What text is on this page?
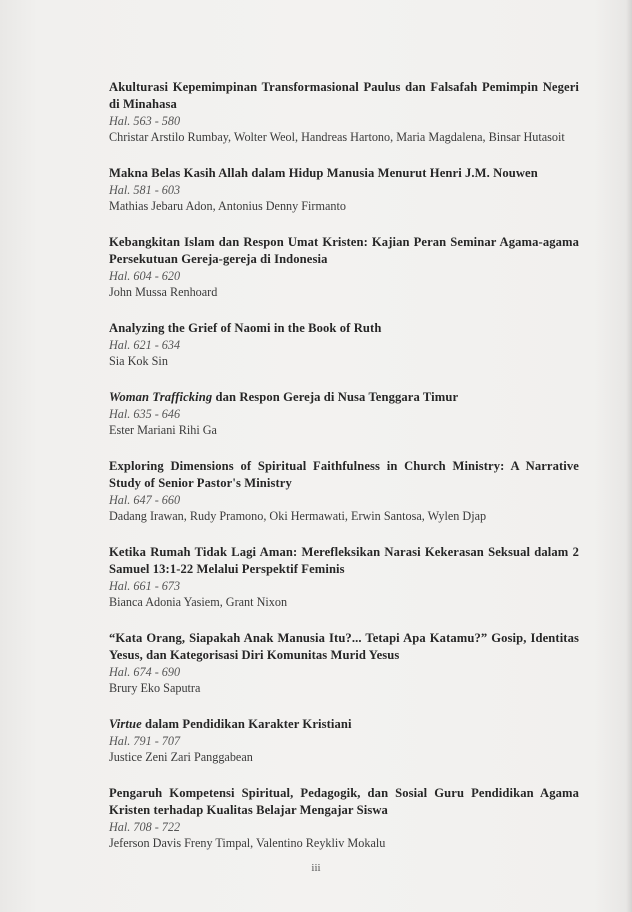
Akulturasi Kepemimpinan Transformasional Paulus dan Falsafah Pemimpin Negeri di Minahasa
Hal. 563 - 580
Christar Arstilo Rumbay, Wolter Weol, Handreas Hartono, Maria Magdalena, Binsar Hutasoit
Makna Belas Kasih Allah dalam Hidup Manusia Menurut Henri J.M. Nouwen
Hal. 581 - 603
Mathias Jebaru Adon, Antonius Denny Firmanto
Kebangkitan Islam dan Respon Umat Kristen: Kajian Peran Seminar Agama-agama Persekutuan Gereja-gereja di Indonesia
Hal. 604 - 620
John Mussa Renhoard
Analyzing the Grief of Naomi in the Book of Ruth
Hal. 621 - 634
Sia Kok Sin
Woman Trafficking dan Respon Gereja di Nusa Tenggara Timur
Hal. 635 - 646
Ester Mariani Rihi Ga
Exploring Dimensions of Spiritual Faithfulness in Church Ministry: A Narrative Study of Senior Pastor's Ministry
Hal. 647 - 660
Dadang Irawan, Rudy Pramono, Oki Hermawati, Erwin Santosa, Wylen Djap
Ketika Rumah Tidak Lagi Aman: Merefleksikan Narasi Kekerasan Seksual dalam 2 Samuel 13:1-22 Melalui Perspektif Feminis
Hal. 661 - 673
Bianca Adonia Yasiem, Grant Nixon
“Kata Orang, Siapakah Anak Manusia Itu?... Tetapi Apa Katamu?” Gosip, Identitas Yesus, dan Kategorisasi Diri Komunitas Murid Yesus
Hal. 674 - 690
Brury Eko Saputra
Virtue dalam Pendidikan Karakter Kristiani
Hal. 791 - 707
Justice Zeni Zari Panggabean
Pengaruh Kompetensi Spiritual, Pedagogik, dan Sosial Guru Pendidikan Agama Kristen terhadap Kualitas Belajar Mengajar Siswa
Hal. 708 - 722
Jeferson Davis Freny Timpal, Valentino Reykliv Mokalu
iii
